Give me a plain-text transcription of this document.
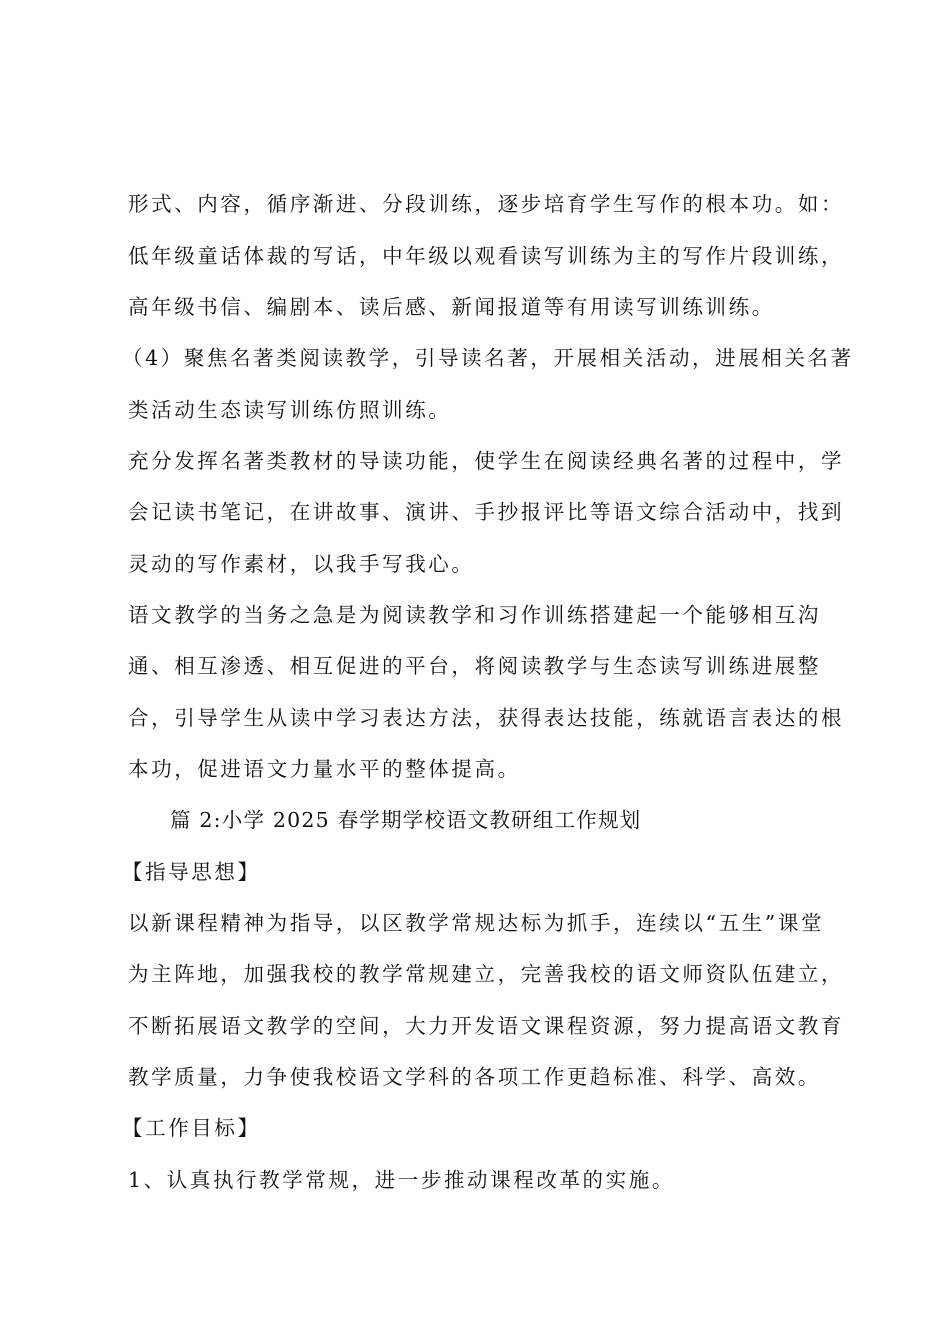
形式、内容，循序渐进、分段训练，逐步培育学生写作的根本功。如：
低年级童话体裁的写话，中年级以观看读写训练为主的写作片段训练，
高年级书信、编剧本、读后感、新闻报道等有用读写训练训练。
（4）聚焦名著类阅读教学，引导读名著，开展相关活动，进展相关名著
类活动生态读写训练仿照训练。
充分发挥名著类教材的导读功能，使学生在阅读经典名著的过程中，学
会记读书笔记，在讲故事、演讲、手抄报评比等语文综合活动中，找到
灵动的写作素材，以我手写我心。
语文教学的当务之急是为阅读教学和习作训练搭建起一个能够相互沟
通、相互渗透、相互促进的平台，将阅读教学与生态读写训练进展整
合，引导学生从读中学习表达方法，获得表达技能，练就语言表达的根
本功，促进语文力量水平的整体提高。
篇 2:小学 2025 春学期学校语文教研组工作规划
【指导思想】
以新课程精神为指导，以区教学常规达标为抓手，连续以“五生”课堂
为主阵地，加强我校的教学常规建立，完善我校的语文师资队伍建立，
不断拓展语文教学的空间，大力开发语文课程资源，努力提高语文教育
教学质量，力争使我校语文学科的各项工作更趋标准、科学、高效。
【工作目标】
1、认真执行教学常规，进一步推动课程改革的实施。
